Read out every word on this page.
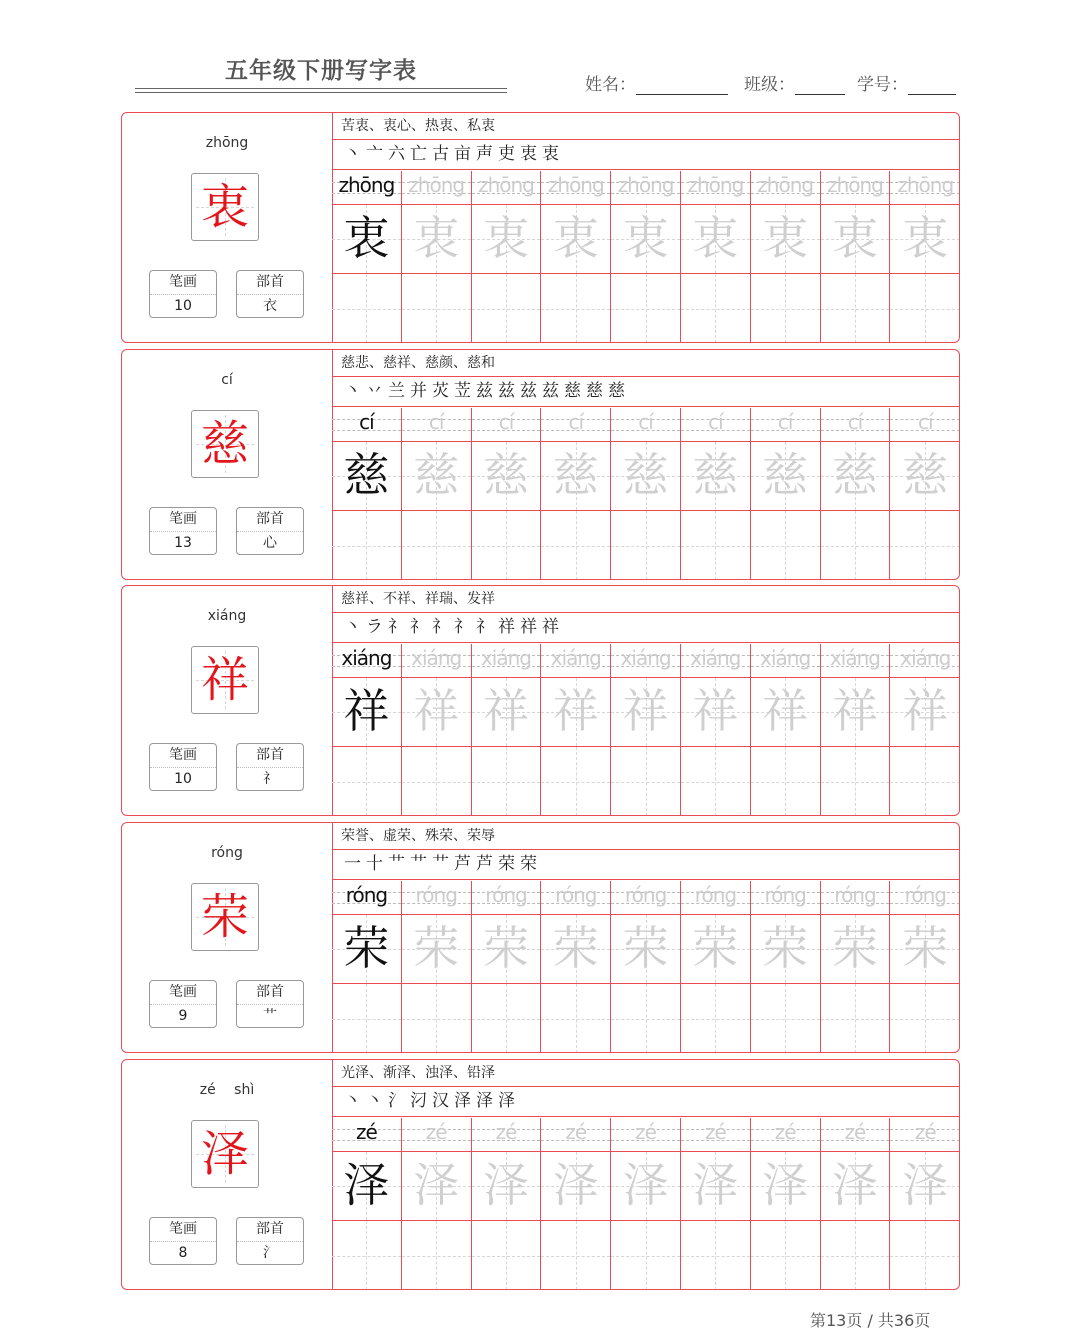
五年级下册写字表
姓名：	班级：	学号：
zhōng
衷
笔画
10
部首
衣
苦衷、衷心、热衷、私衷
丶 亠 六 亡 古 亩 声 吏 衷 衷
zhōng zhōng zhōng zhōng zhōng zhōng zhōng zhōng zhōng
衷 衷 衷 衷 衷 衷 衷 衷 衷
cí
慈
笔画
13
部首
心
慈悲、慈祥、慈颜、慈和
丶 丷 兰 并 苂 苙 兹 兹 兹 兹 慈 慈 慈
cí	cí	cí	cí	cí	cí	cí	cí	cí
慈 慈 慈 慈 慈 慈 慈 慈 慈
xiáng
祥
笔画
10
部首
礻
慈祥、不祥、祥瑞、发祥
丶 ラ 礻 礻 礻 礻 礻 祥 祥 祥
xiáng xiáng xiáng xiáng xiáng xiáng xiáng xiáng	xiáng
祥 祥 祥 祥 祥 祥 祥 祥 祥
róng
荣
笔画
9
部首
艹
荣誉、虚荣、殊荣、荣辱
一 十 艹 艹 艹 芦 芦 荣 荣
róng	róng	róng	róng	róng	róng	róng	róng	róng
荣 荣 荣 荣 荣 荣 荣 荣 荣
zé shì
泽
笔画
8
部首
氵
光泽、渐泽、浊泽、铅泽
丶 丶 氵 汈 汉 泽 泽 泽
zé	zé	zé	zé	zé	zé	zé	zé	zé
泽 泽 泽 泽 泽 泽 泽 泽 泽
第13页 / 共36页
